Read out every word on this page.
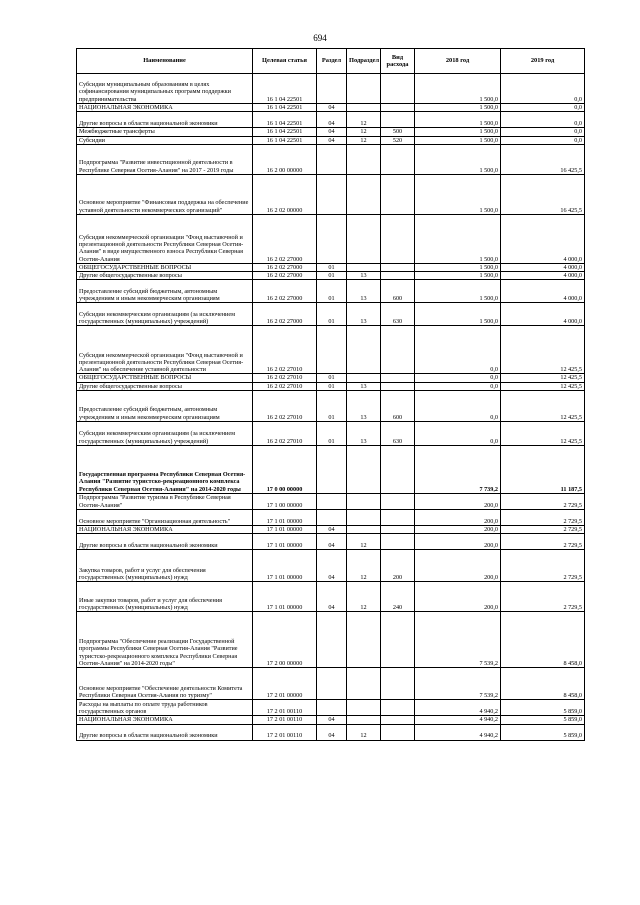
694
Наименование	Целевая статья	Раздел	Подраздел	Вид расхода	2018 год	2019 год
Субсидии муниципальным образованиям в целях софинансирования муниципальных программ поддержки предпринимательства	16 1 04 22501				1 500,0	0,0
НАЦИОНАЛЬНАЯ ЭКОНОМИКА	16 1 04 22501	04			1 500,0	0,0
Другие вопросы в области национальной экономики	16 1 04 22501	04	12		1 500,0	0,0
Межбюджетные трансферты	16 1 04 22501	04	12	500	1 500,0	0,0
Субсидии	16 1 04 22501	04	12	520	1 500,0	0,0
Подпрограмма "Развитие инвестиционной деятельности в Республике Северная Осетия-Алания" на 2017 - 2019 годы	16 2 00 00000				1 500,0	16 425,5
Основное мероприятие "Финансовая поддержка на обеспечение уставной деятельности некоммерческих организаций"	16 2 02 00000				1 500,0	16 425,5
Субсидия некоммерческой организации "Фонд выставочной и презентационной деятельности Республики Северная Осетия-Алания" в виде имущественного взноса Республики Северная Осетия-Алания	16 2 02 27000				1 500,0	4 000,0
ОБЩЕГОСУДАРСТВЕННЫЕ ВОПРОСЫ	16 2 02 27000	01			1 500,0	4 000,0
Другие общегосударственные вопросы	16 2 02 27000	01	13		1 500,0	4 000,0
Предоставление субсидий бюджетным, автономным учреждениям и иным некоммерческим организациям	16 2 02 27000	01	13	600	1 500,0	4 000,0
Субсидии некоммерческим организациям (за исключением государственных (муниципальных) учреждений)	16 2 02 27000	01	13	630	1 500,0	4 000,0
Субсидия некоммерческой организации "Фонд выставочной и презентационной деятельности Республики Северная Осетия-Алания" на обеспечение уставной деятельности	16 2 02 27010				0,0	12 425,5
ОБЩЕГОСУДАРСТВЕННЫЕ ВОПРОСЫ	16 2 02 27010	01			0,0	12 425,5
Другие общегосударственные вопросы	16 2 02 27010	01	13		0,0	12 425,5
Предоставление субсидий бюджетным, автономным учреждениям и иным некоммерческим организациям	16 2 02 27010	01	13	600	0,0	12 425,5
Субсидии некоммерческим организациям (за исключением государственных (муниципальных) учреждений)	16 2 02 27010	01	13	630	0,0	12 425,5
Государственная программа Республики Северная Осетия-Алания "Развитие туристско-рекреационного комплекса Республики Северная Осетия-Алания" на 2014-2020 годы	17 0 00 00000				7 739,2	11 187,5
Подпрограмма "Развитие туризма в Республике Северная Осетия-Алания"	17 1 00 00000				200,0	2 729,5
Основное мероприятие "Организационная деятельность"	17 1 01 00000				200,0	2 729,5
НАЦИОНАЛЬНАЯ ЭКОНОМИКА	17 1 01 00000	04			200,0	2 729,5
Другие вопросы в области национальной экономики	17 1 01 00000	04	12		200,0	2 729,5
Закупка товаров, работ и услуг для обеспечения государственных (муниципальных) нужд	17 1 01 00000	04	12	200	200,0	2 729,5
Иные закупки товаров, работ и услуг для обеспечения государственных (муниципальных) нужд	17 1 01 00000	04	12	240	200,0	2 729,5
Подпрограмма "Обеспечение реализации Государственной программы Республики Северная Осетия-Алания "Развитие туристско-рекреационного комплекса Республики Северная Осетия-Алания" на 2014-2020 годы"	17 2 00 00000				7 539,2	8 458,0
Основное мероприятие "Обеспечение деятельности Комитета Республики Северная Осетия-Алания по туризму"	17 2 01 00000				7 539,2	8 458,0
Расходы на выплаты по оплате труда работников государственных органов	17 2 01 00110				4 940,2	5 859,0
НАЦИОНАЛЬНАЯ ЭКОНОМИКА	17 2 01 00110	04			4 940,2	5 859,0
Другие вопросы в области национальной экономики	17 2 01 00110	04	12		4 940,2	5 859,0
